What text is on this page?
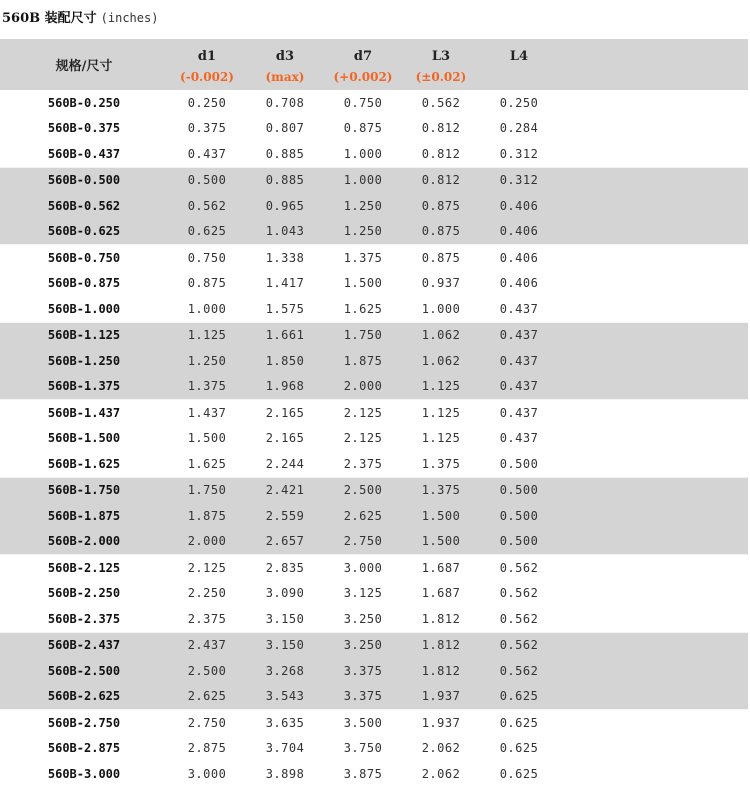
560B 装配尺寸 (inches)
规格/尺寸	d1	d3	d7	L3	L4	
	(-0.002)	(max)	(+0.002)	(±0.02)		
560B-0.250	0.250	0.708	0.750	0.562	0.250	
560B-0.375	0.375	0.807	0.875	0.812	0.284	
560B-0.437	0.437	0.885	1.000	0.812	0.312	
560B-0.500	0.500	0.885	1.000	0.812	0.312	
560B-0.562	0.562	0.965	1.250	0.875	0.406	
560B-0.625	0.625	1.043	1.250	0.875	0.406	
560B-0.750	0.750	1.338	1.375	0.875	0.406	
560B-0.875	0.875	1.417	1.500	0.937	0.406	
560B-1.000	1.000	1.575	1.625	1.000	0.437	
560B-1.125	1.125	1.661	1.750	1.062	0.437	
560B-1.250	1.250	1.850	1.875	1.062	0.437	
560B-1.375	1.375	1.968	2.000	1.125	0.437	
560B-1.437	1.437	2.165	2.125	1.125	0.437	
560B-1.500	1.500	2.165	2.125	1.125	0.437	
560B-1.625	1.625	2.244	2.375	1.375	0.500	
560B-1.750	1.750	2.421	2.500	1.375	0.500	
560B-1.875	1.875	2.559	2.625	1.500	0.500	
560B-2.000	2.000	2.657	2.750	1.500	0.500	
560B-2.125	2.125	2.835	3.000	1.687	0.562	
560B-2.250	2.250	3.090	3.125	1.687	0.562	
560B-2.375	2.375	3.150	3.250	1.812	0.562	
560B-2.437	2.437	3.150	3.250	1.812	0.562	
560B-2.500	2.500	3.268	3.375	1.812	0.562	
560B-2.625	2.625	3.543	3.375	1.937	0.625	
560B-2.750	2.750	3.635	3.500	1.937	0.625	
560B-2.875	2.875	3.704	3.750	2.062	0.625	
560B-3.000	3.000	3.898	3.875	2.062	0.625	
